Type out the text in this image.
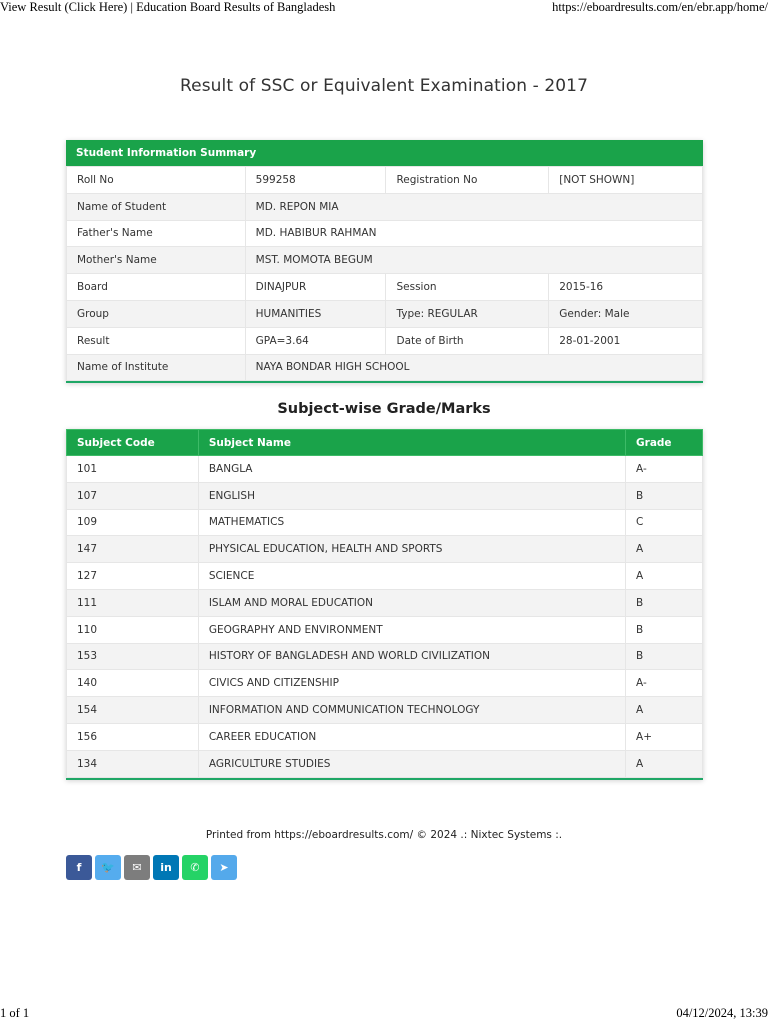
View Result (Click Here) | Education Board Results of Bangladesh	https://eboardresults.com/en/ebr.app/home/
Result of SSC or Equivalent Examination - 2017
Student Information Summary
Roll No	599258	Registration No	[NOT SHOWN]
Name of Student	MD. REPON MIA		
Father's Name	MD. HABIBUR RAHMAN		
Mother's Name	MST. MOMOTA BEGUM		
Board	DINAJPUR	Session	2015-16
Group	HUMANITIES	Type: REGULAR	Gender: Male
Result	GPA=3.64	Date of Birth	28-01-2001
Name of Institute	NAYA BONDAR HIGH SCHOOL		
Subject-wise Grade/Marks
Subject Code	Subject Name	Grade
101	BANGLA	A-
107	ENGLISH	B
109	MATHEMATICS	C
147	PHYSICAL EDUCATION, HEALTH AND SPORTS	A
127	SCIENCE	A
111	ISLAM AND MORAL EDUCATION	B
110	GEOGRAPHY AND ENVIRONMENT	B
153	HISTORY OF BANGLADESH AND WORLD CIVILIZATION	B
140	CIVICS AND CITIZENSHIP	A-
154	INFORMATION AND COMMUNICATION TECHNOLOGY	A
156	CAREER EDUCATION	A+
134	AGRICULTURE STUDIES	A
Printed from https://eboardresults.com/ © 2024 .: Nixtec Systems :.
f 🐦 ✉ in ✆ ➤
1 of 1	04/12/2024, 13:39
